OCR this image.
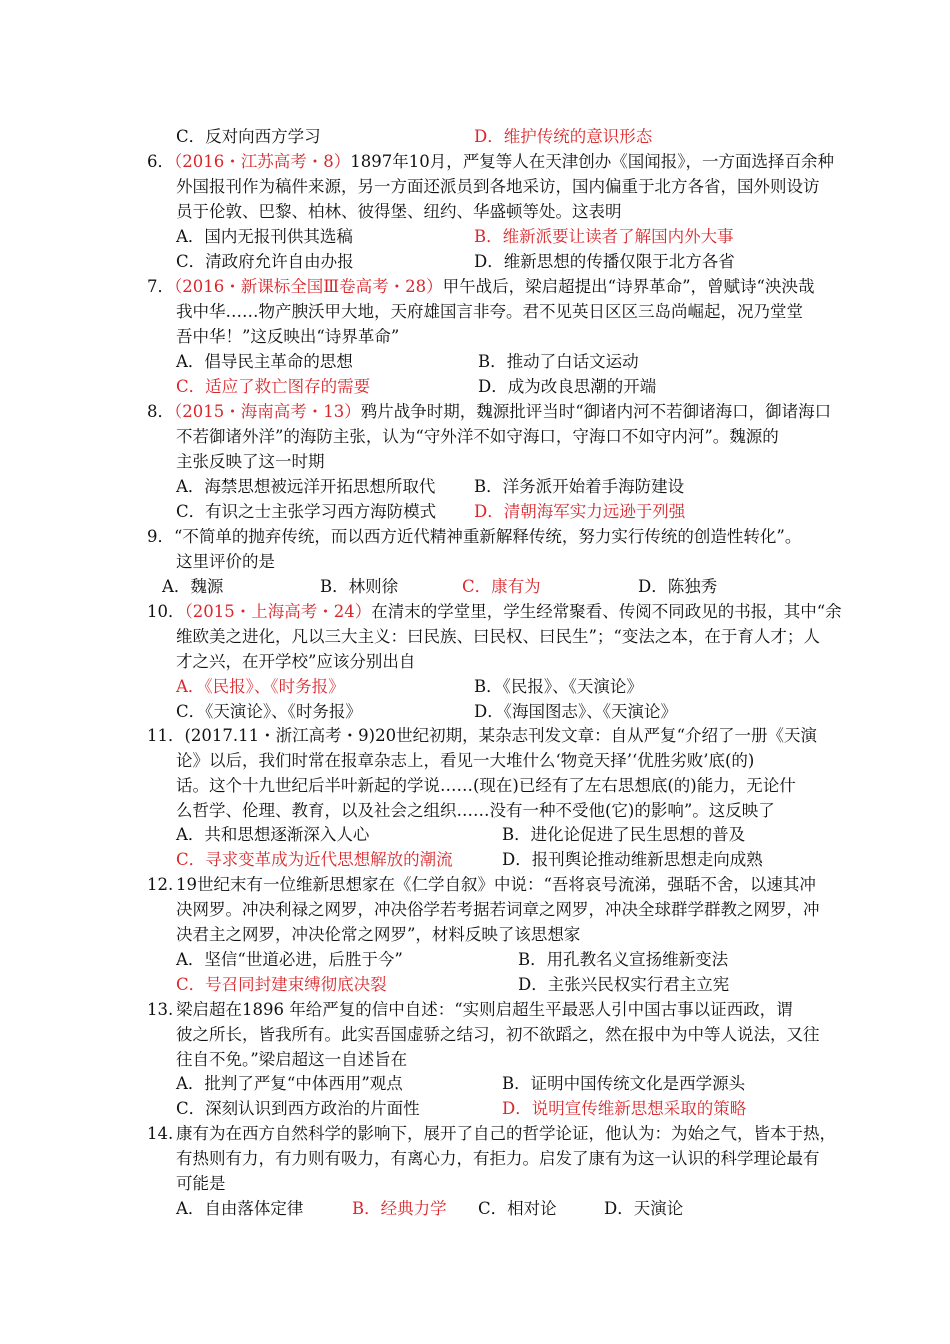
C．反对向西方学习	D．维护传统的意识形态
6．（2016・江苏高考・8）1897年10月，严复等人在天津创办《国闻报》，一方面选择百余种
外国报刊作为稿件来源，另一方面还派员到各地采访，国内偏重于北方各省，国外则设访
员于伦敦、巴黎、柏林、彼得堡、纽约、华盛顿等处。这表明
A．国内无报刊供其选稿	B．维新派要让读者了解国内外大事
C．清政府允许自由办报	D．维新思想的传播仅限于北方各省
7．（2016・新课标全国Ⅲ卷高考・28）甲午战后，梁启超提出“诗界革命”，曾赋诗“泱泱哉
我中华……物产腴沃甲大地，天府雄国言非夸。君不见英日区区三岛尚崛起，况乃堂堂
吾中华！”这反映出“诗界革命”
A．倡导民主革命的思想	B．推动了白话文运动
C．适应了救亡图存的需要	D．成为改良思潮的开端
8．（2015・海南高考・13）鸦片战争时期，魏源批评当时“御诸内河不若御诸海口，御诸海口
不若御诸外洋”的海防主张，认为“守外洋不如守海口，守海口不如守内河”。魏源的
主张反映了这一时期
A．海禁思想被远洋开拓思想所取代 B．洋务派开始着手海防建设
C．有识之士主张学习西方海防模式 D．清朝海军实力远逊于列强
9．“不简单的抛弃传统，而以西方近代精神重新解释传统，努力实行传统的创造性转化”。
这里评价的是
A．魏源	B．林则徐	C．康有为	D．陈独秀
10．（2015・上海高考・24）在清末的学堂里，学生经常聚看、传阅不同政见的书报，其中“余
维欧美之进化，凡以三大主义：曰民族、曰民权、曰民生”；“变法之本，在于育人才；人
才之兴，在开学校”应该分别出自
A．《民报》、《时务报》	B．《民报》、《天演论》
C．《天演论》、《时务报》	D．《海国图志》、《天演论》
11．(2017.11・浙江高考・9)20世纪初期，某杂志刊发文章：自从严复“介绍了一册《天演
论》以后，我们时常在报章杂志上，看见一大堆什么‘物竞天择’‘优胜劣败’底(的)
话。这个十九世纪后半叶新起的学说……(现在)已经有了左右思想底(的)能力，无论什
么哲学、伦理、教育，以及社会之组织……没有一种不受他(它)的影响”。这反映了
A．共和思想逐渐深入人心	B．进化论促进了民生思想的普及
C．寻求变革成为近代思想解放的潮流	D．报刊舆论推动维新思想走向成熟
12. 19世纪末有一位维新思想家在《仁学自叙》中说：“吾将哀号流涕，强聒不舍，以速其冲
决网罗。冲决利禄之网罗，冲决俗学若考据若词章之网罗，冲决全球群学群教之网罗，冲
决君主之网罗，冲决伦常之网罗”，材料反映了该思想家
A．坚信“世道必进，后胜于今”	B．用孔教名义宣扬维新变法
C．号召同封建束缚彻底决裂	D．主张兴民权实行君主立宪
13. 梁启超在1896 年给严复的信中自述：“实则启超生平最恶人引中国古事以证西政，谓
彼之所长，皆我所有。此实吾国虚骄之结习，初不欲蹈之，然在报中为中等人说法，又往
往自不免。”梁启超这一自述旨在
A．批判了严复“中体西用”观点	B．证明中国传统文化是西学源头
C．深刻认识到西方政治的片面性	D．说明宣传维新思想采取的策略
14. 康有为在西方自然科学的影响下，展开了自己的哲学论证，他认为：为始之气，皆本于热，
有热则有力，有力则有吸力，有离心力，有拒力。启发了康有为这一认识的科学理论最有
可能是
A．自由落体定律	B．经典力学 C．相对论	D．天演论
